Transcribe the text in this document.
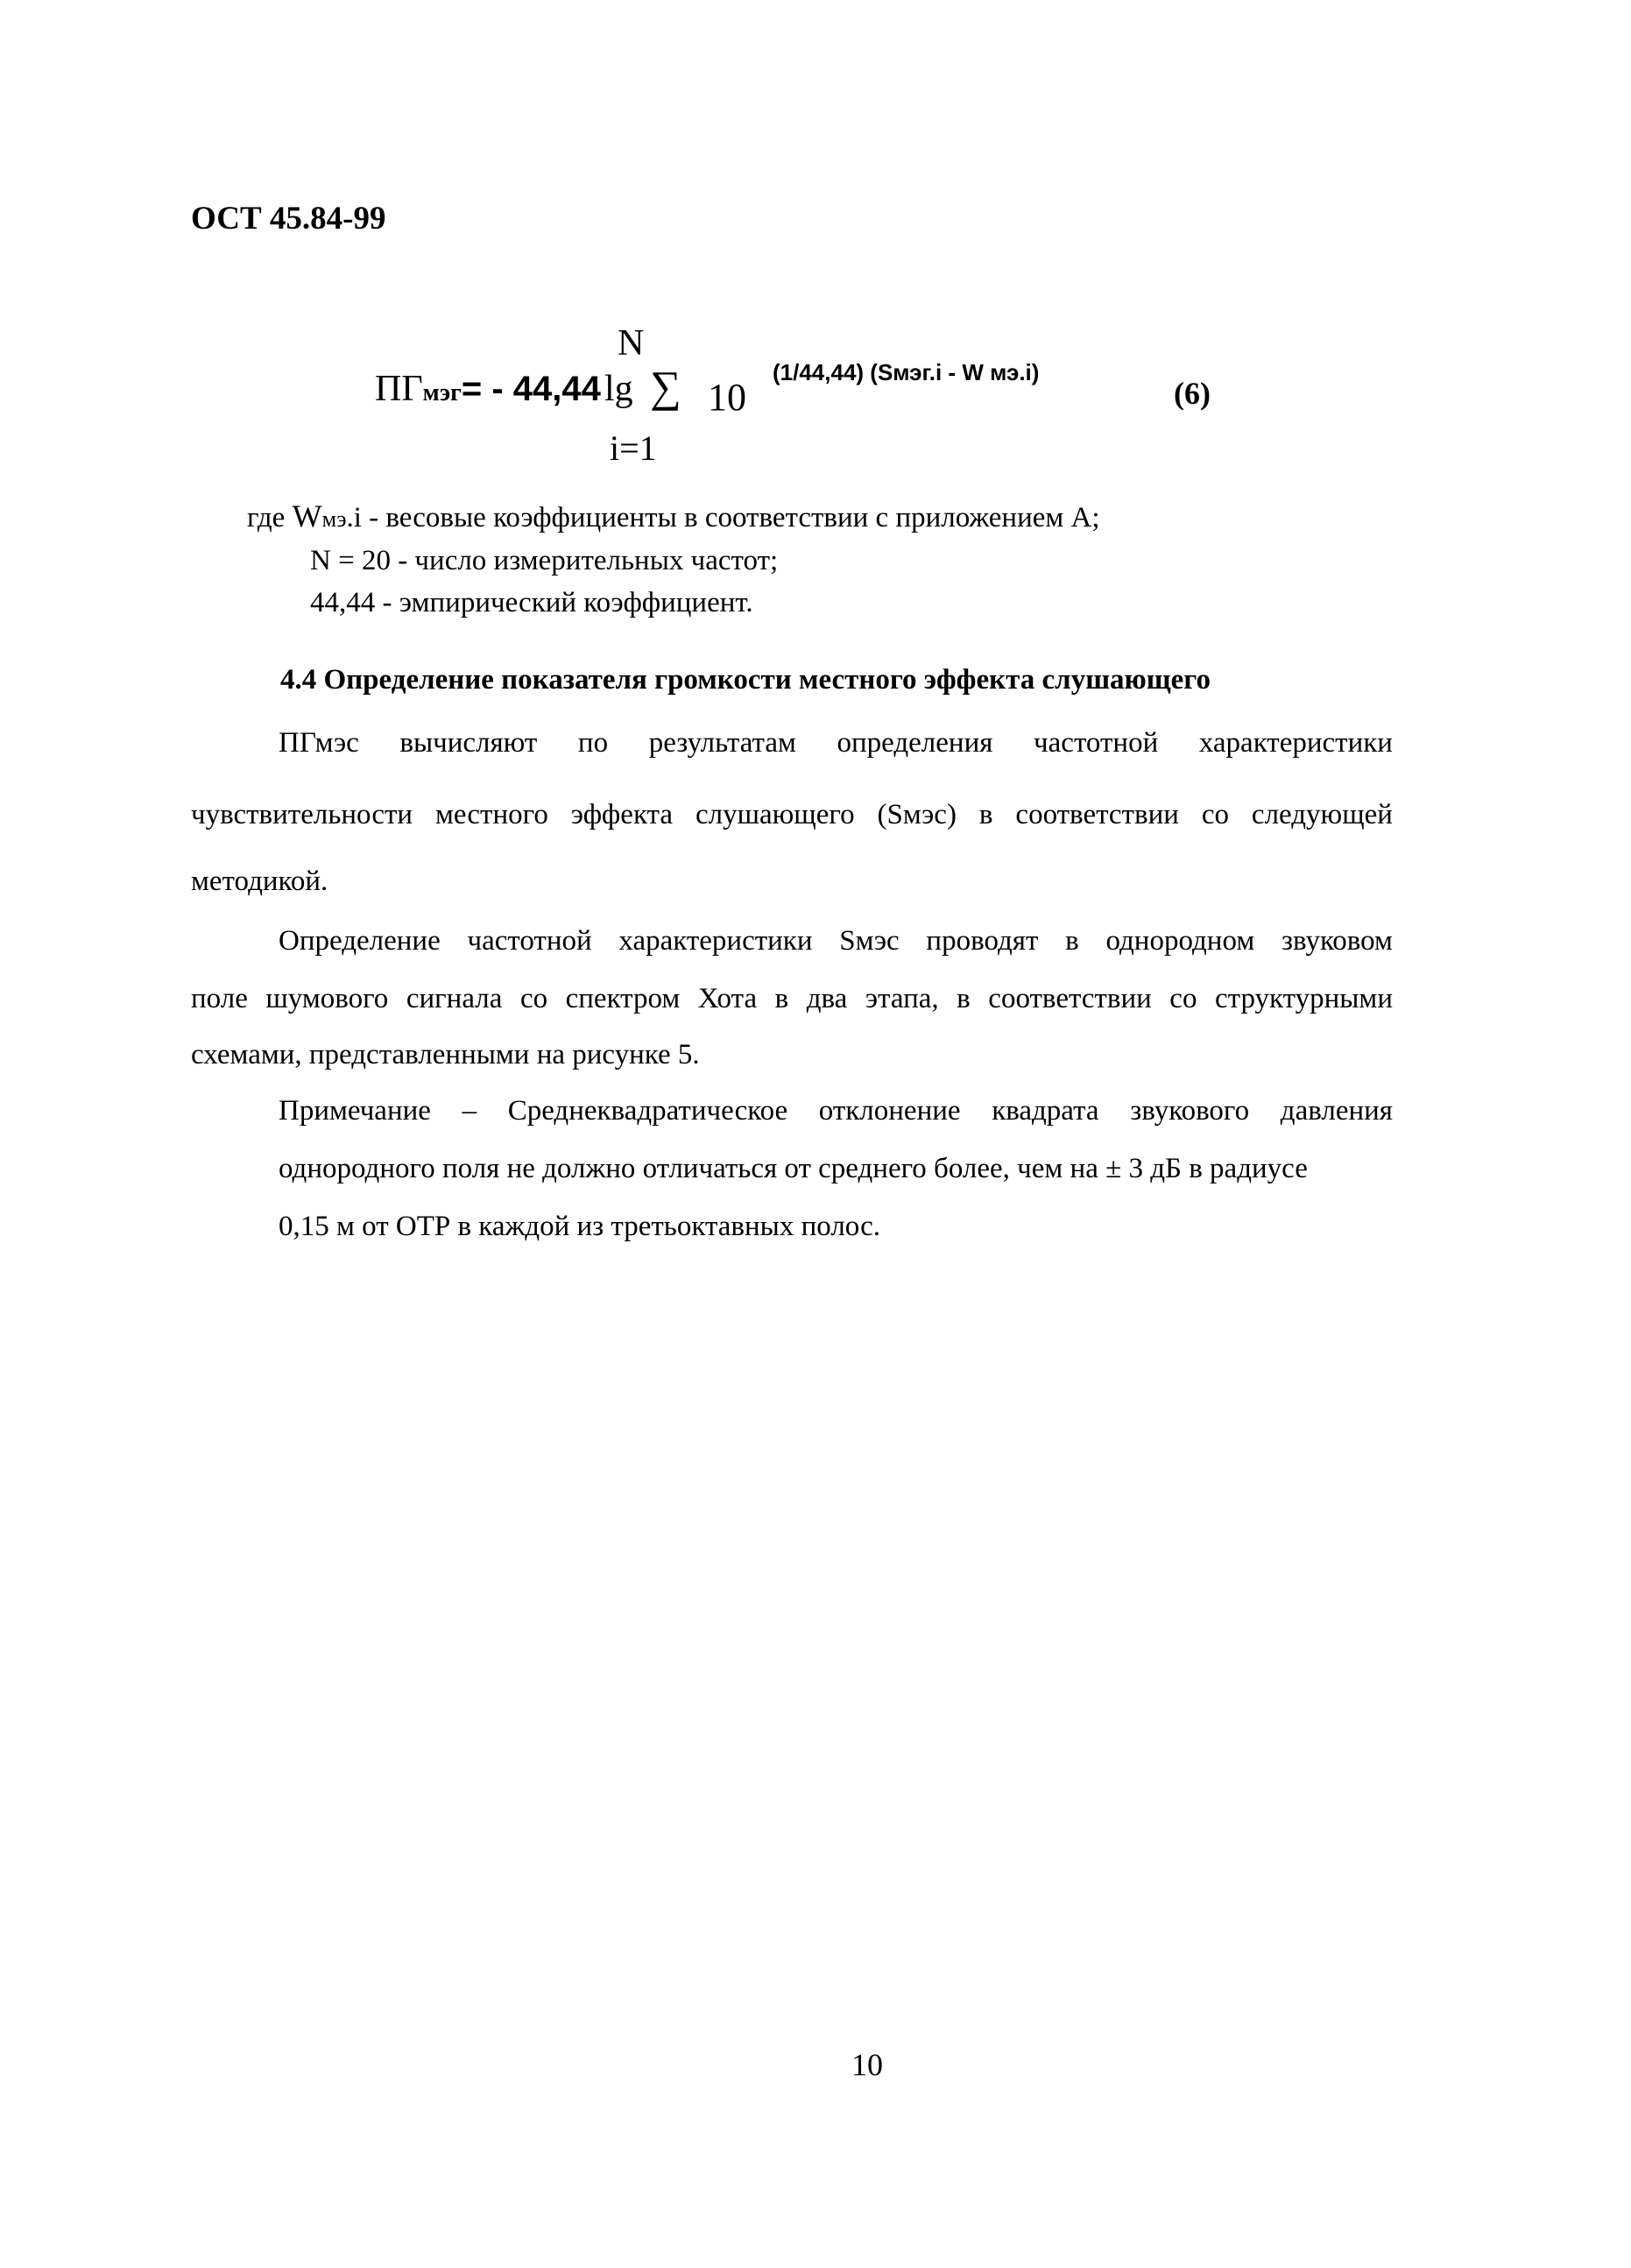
ОСТ 45.84-99
N
ПГмэг= - 44,44 lg ∑ 10
(1/44,44) (Sмэг.i - W мэ.i)
i=1
(6)
где Wмэ.i - весовые коэффициенты в соответствии с приложением А;
N = 20 - число измерительных частот;
44,44 - эмпирический коэффициент.
4.4 Определение показателя громкости местного эффекта слушающего
ПГмэс вычисляют по результатам определения частотной характеристики
чувствительности местного эффекта слушающего (Sмэс) в соответствии со следующей
методикой.
Определение частотной характеристики Sмэс проводят в однородном звуковом
поле шумового сигнала со спектром Хота в два этапа, в соответствии со структурными
схемами, представленными на рисунке 5.
Примечание – Среднеквадратическое отклонение квадрата звукового давления
однородного поля не должно отличаться от среднего более, чем на ± 3 дБ в радиусе
0,15 м от ОТР в каждой из третьоктавных полос.
10
